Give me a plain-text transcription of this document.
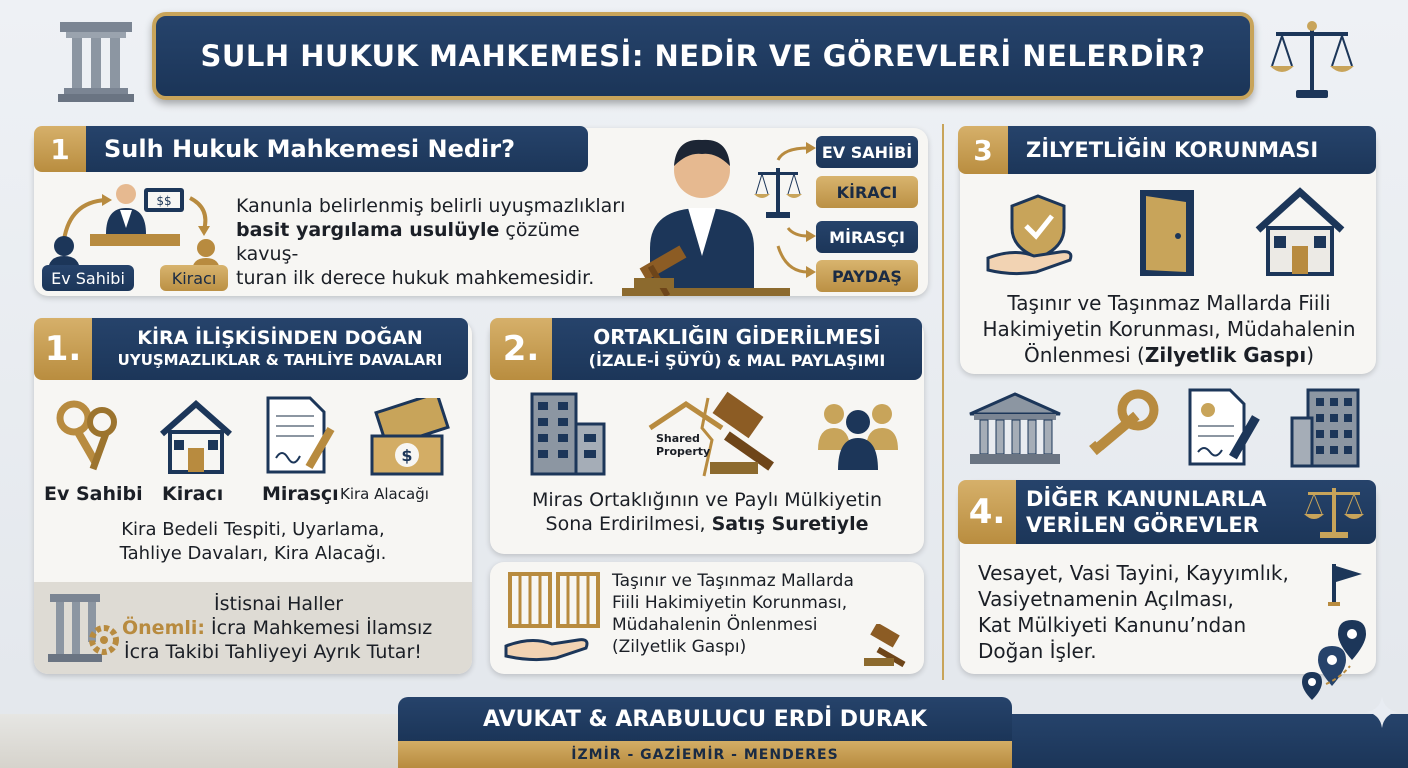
SULH HUKUK MAHKEMESİ: NEDİR VE GÖREVLERİ NELERDİR?
1	Sulh Hukuk Mahkemesi Nedir?
$$
Ev Sahibi	Kiracı
Kanunla belirlenmiş belirli uyuşmazlıkları
basit yargılama usulüyle çözüme kavuş-
turan ilk derece hukuk mahkemesidir.
EV SAHİBİ
KİRACI
MİRASÇI
PAYDAŞ
1.	KİRA İLİŞKİSİNDEN DOĞAN
UYUŞMAZLIKLAR & TAHLİYE DAVALARI
$
Ev Sahibi Kiracı Mirasçı Kira Alacağı
Kira Bedeli Tespiti, Uyarlama,
Tahliye Davaları, Kira Alacağı.
İstisnai Haller
Önemli: İcra Mahkemesi İlamsız
İcra Takibi Tahliyeyi Ayrık Tutar!
2.	ORTAKLIĞIN GİDERİLMESİ
(İZALE-İ ŞÜYÛ) & MAL PAYLAŞIMI
Shared
Property
Miras Ortaklığının ve Paylı Mülkiyetin
Sona Erdirilmesi, Satış Suretiyle
Taşınır ve Taşınmaz Mallarda
Fiili Hakimiyetin Korunması,
Müdahalenin Önlenmesi
(Zilyetlik Gaspı)
3	ZİLYETLİĞİN KORUNMASI
Taşınır ve Taşınmaz Mallarda Fiili
Hakimiyetin Korunması, Müdahalenin
Önlenmesi (Zilyetlik Gaspı)
4. DİĞER KANUNLARLA
VERİLEN GÖREVLER
Vesayet, Vasi Tayini, Kayyımlık,
Vasiyetnamenin Açılması,
Kat Mülkiyeti Kanunu’ndan
Doğan İşler.
AVUKAT & ARABULUCU ERDİ DURAK
İZMİR - GAZİEMİR - MENDERES
